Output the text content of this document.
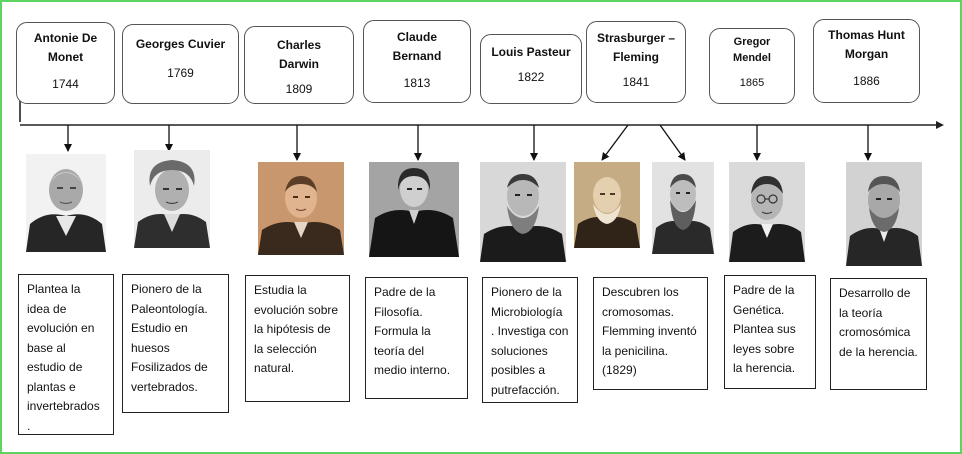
Antonie De Monet
1744
Georges Cuvier
1769
Charles Darwin
1809
Claude Bernand
1813
Louis Pasteur
1822
Strasburger – Fleming
1841
Gregor Mendel
1865
Thomas Hunt Morgan
1886
Plantea la idea de evolución en base al estudio de plantas e invertebrados .
Pionero de la Paleontología. Estudio en huesos Fosilizados de vertebrados.
Estudia la evolución sobre la hipótesis de la selección natural.
Padre de la Filosofía. Formula la teoría del medio interno.
Pionero de la Microbiología . Investiga con soluciones posibles a putrefacción.
Descubren los cromosomas. Flemming inventó la penicilina. (1829)
Padre de la Genética. Plantea sus leyes sobre la herencia.
Desarrollo de la teoría cromosómica de la herencia.
